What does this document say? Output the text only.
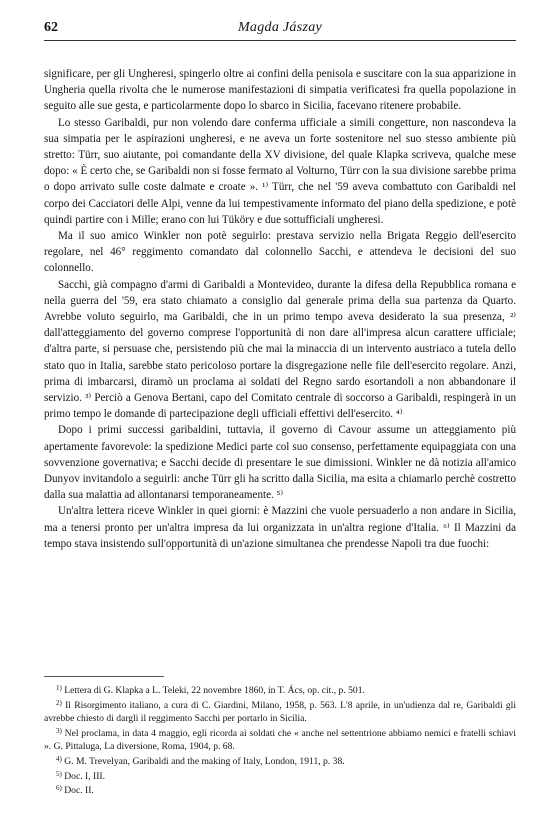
62	Magda Jászay

significare, per gli Ungheresi, spingerlo oltre ai confini della penisola e suscitare con la sua apparizione in Ungheria quella rivolta che le numerose manifestazioni di simpatia verificatesi fra quella popolazione in seguito alle sue gesta, e particolarmente dopo lo sbarco in Sicilia, facevano ritenere probabile.

Lo stesso Garibaldi, pur non volendo dare conferma ufficiale a simili congetture, non nascondeva la sua simpatia per le aspirazioni ungheresi, e ne aveva un forte sostenitore nel suo stesso ambiente più stretto: Türr, suo aiutante, poi comandante della XV divisione, del quale Klapka scriveva, qualche mese dopo: « È certo che, se Garibaldi non si fosse fermato al Volturno, Türr con la sua divisione sarebbe prima o dopo arrivato sulle coste dalmate e croate ». ¹⁾ Türr, che nel '59 aveva combattuto con Garibaldi nel corpo dei Cacciatori delle Alpi, venne da lui tempestivamente informato del piano della spedizione, e potè quindi partire con i Mille; erano con lui Tüköry e due sottufficiali ungheresi.

Ma il suo amico Winkler non potè seguirlo: prestava servizio nella Brigata Reggio dell'esercito regolare, nel 46° reggimento comandato dal colonnello Sacchi, e attendeva le decisioni del suo colonnello.

Sacchi, già compagno d'armi di Garibaldi a Montevideo, durante la difesa della Repubblica romana e nella guerra del '59, era stato chiamato a consiglio dal generale prima della sua partenza da Quarto. Avrebbe voluto seguirlo, ma Garibaldi, che in un primo tempo aveva desiderato la sua presenza, ²⁾ dall'atteggiamento del governo comprese l'opportunità di non dare all'impresa alcun carattere ufficiale; d'altra parte, si persuase che, persistendo più che mai la minaccia di un intervento austriaco a tutela dello stato quo in Italia, sarebbe stato pericoloso portare la disgregazione nelle file dell'esercito regolare. Anzi, prima di imbarcarsi, diramò un proclama ai soldati del Regno sardo esortandoli a non abbandonare il servizio. ³⁾ Perciò a Genova Bertani, capo del Comitato centrale di soccorso a Garibaldi, respingerà in un primo tempo le domande di partecipazione degli ufficiali effettivi dell'esercito. ⁴⁾

Dopo i primi successi garibaldini, tuttavia, il governo di Cavour assume un atteggiamento più apertamente favorevole: la spedizione Medici parte col suo consenso, perfettamente equipaggiata con una sovvenzione governativa; e Sacchi decide di presentare le sue dimissioni. Winkler ne dà notizia all'amico Dunyov invitandolo a seguirli: anche Türr gli ha scritto dalla Sicilia, ma esita a chiamarlo perchè costretto dalla sua malattia ad allontanarsi temporaneamente. ⁵⁾

Un'altra lettera riceve Winkler in quei giorni: è Mazzini che vuole persuaderlo a non andare in Sicilia, ma a tenersi pronto per un'altra impresa da lui organizzata in un'altra regione d'Italia. ⁶⁾ Il Mazzini da tempo stava insistendo sull'opportunità di un'azione simultanea che prendesse Napoli tra due fuochi:

$^{1)}$ Lettera di G. Klapka a L. Teleki, 22 novembre 1860, in T. Ács, op. cit., p. 501.

$^{2)}$ Il Risorgimento italiano, a cura di C. Giardini, Milano, 1958, p. 563. L'8 aprile, in un'udienza dal re, Garibaldi gli avrebbe chiesto di dargli il reggimento Sacchi per portarlo in Sicilia.

$^{3)}$ Nel proclama, in data 4 maggio, egli ricorda ai soldati che « anche nel settentrione abbiamo nemici e fratelli schiavi ». G. Pittaluga, La diversione, Roma, 1904, p. 68.

$^{4)}$ G. M. Trevelyan, Garibaldi and the making of Italy, London, 1911, p. 38.

$^{5)}$ Doc. I, III.

$^{6)}$ Doc. II.
